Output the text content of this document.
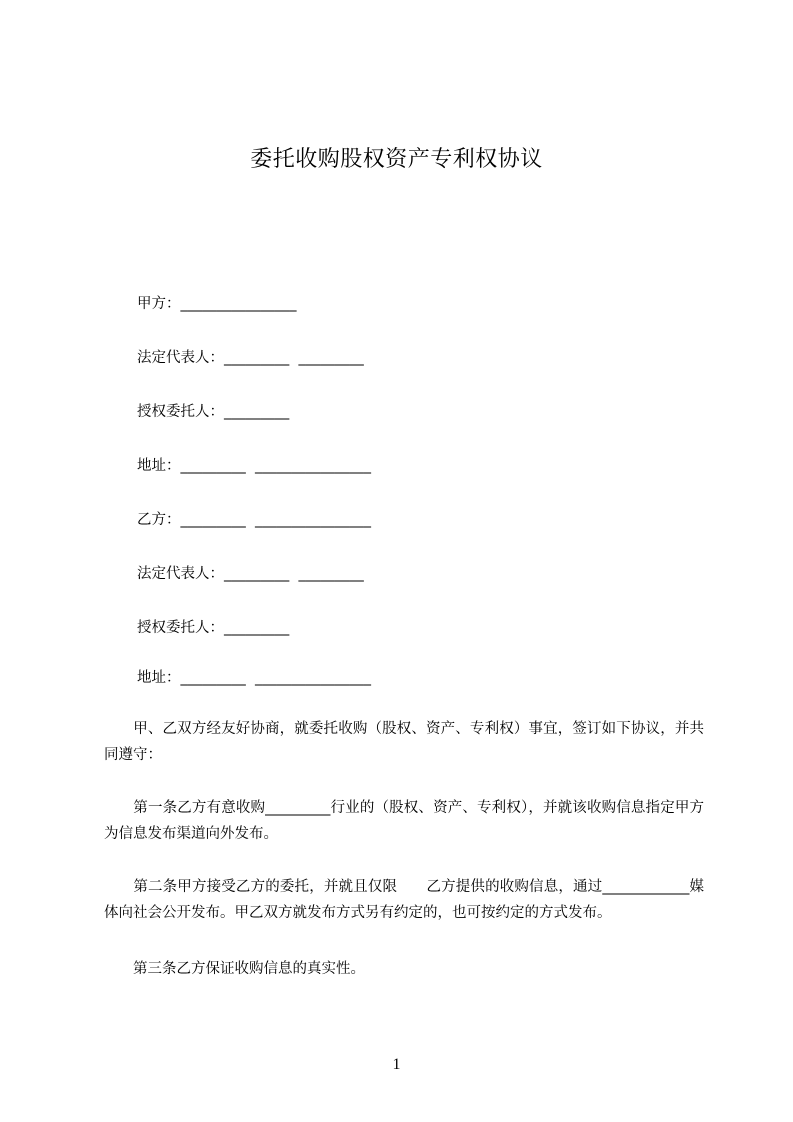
委托收购股权资产专利权协议
甲方：________________
法定代表人：_________  _________
授权委托人：_________
地址：_________  ________________
乙方：_________  ________________
法定代表人：_________  _________
授权委托人：_________
地址：_________  ________________
　　甲、乙双方经友好协商，就委托收购（股权、资产、专利权）事宜，签订如下协议，并共同遵守：
　　第一条乙方有意收购_________行业的（股权、资产、专利权），并就该收购信息指定甲方为信息发布渠道向外发布。
　　第二条甲方接受乙方的委托，并就且仅限　　乙方提供的收购信息，通过____________媒体向社会公开发布。甲乙双方就发布方式另有约定的，也可按约定的方式发布。
　　第三条乙方保证收购信息的真实性。
1
